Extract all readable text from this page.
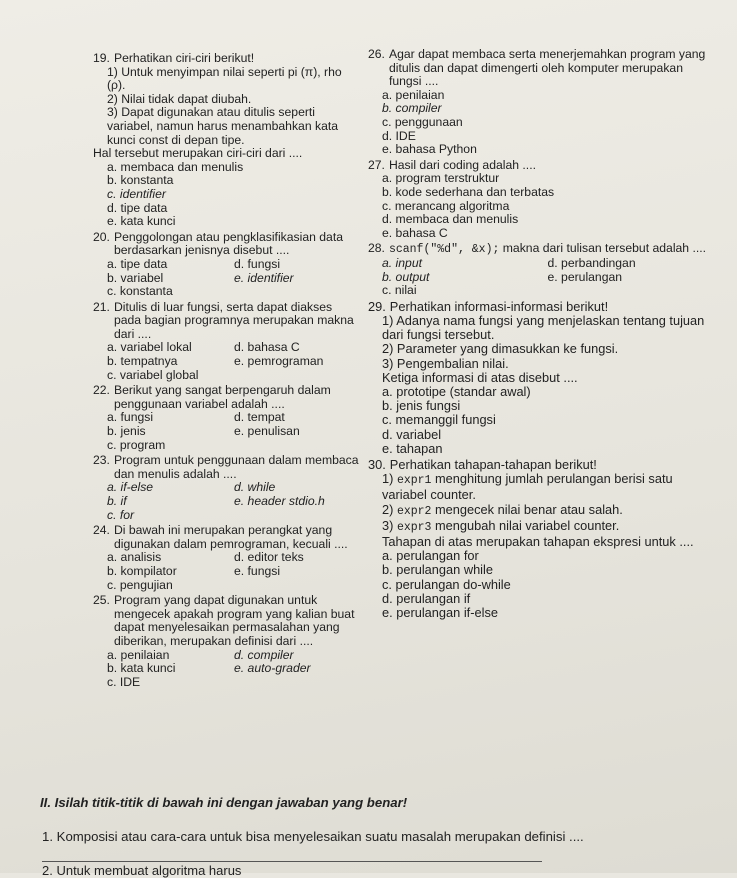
19. Perhatikan ciri-ciri berikut!
1) Untuk menyimpan nilai seperti pi (π), rho (ρ).
2) Nilai tidak dapat diubah.
3) Dapat digunakan atau ditulis seperti variabel, namun harus menambahkan kata kunci const di depan tipe.
Hal tersebut merupakan ciri-ciri dari ....
a. membaca dan menulis
b. konstanta
c. identifier
d. tipe data
e. kata kunci
20. Penggolongan atau pengklasifikasian data berdasarkan jenisnya disebut ....
a. tipe data	d. fungsi
b. variabel	e. identifier
c. konstanta
21. Ditulis di luar fungsi, serta dapat diakses pada bagian programnya merupakan makna dari ....
a. variabel lokal	d. bahasa C
b. tempatnya	e. pemrograman
c. variabel global
22. Berikut yang sangat berpengaruh dalam penggunaan variabel adalah ....
a. fungsi	d. tempat
b. jenis	e. penulisan
c. program
23. Program untuk penggunaan dalam membaca dan menulis adalah ....
a. if-else	d. while
b. if	e. header stdio.h
c. for
24. Di bawah ini merupakan perangkat yang digunakan dalam pemrograman, kecuali ....
a. analisis	d. editor teks
b. kompilator	e. fungsi
c. pengujian
25. Program yang dapat digunakan untuk mengecek apakah program yang kalian buat dapat menyelesaikan permasalahan yang diberikan, merupakan definisi dari ....
a. penilaian	d. compiler
b. kata kunci	e. auto-grader
c. IDE
26. Agar dapat membaca serta menerjemahkan program yang ditulis dan dapat dimengerti oleh komputer merupakan fungsi ....
a. penilaian
b. compiler
c. penggunaan
d. IDE
e. bahasa Python
27. Hasil dari coding adalah ....
a. program terstruktur
b. kode sederhana dan terbatas
c. merancang algoritma
d. membaca dan menulis
e. bahasa C
28. scanf("%d", &x); makna dari tulisan tersebut adalah ....
a. input	d. perbandingan
b. output	e. perulangan
c. nilai
29. Perhatikan informasi-informasi berikut!
1) Adanya nama fungsi yang menjelaskan tentang tujuan dari fungsi tersebut.
2) Parameter yang dimasukkan ke fungsi.
3) Pengembalian nilai.
Ketiga informasi di atas disebut ....
a. prototipe (standar awal)
b. jenis fungsi
c. memanggil fungsi
d. variabel
e. tahapan
30. Perhatikan tahapan-tahapan berikut!
1) expr1 menghitung jumlah perulangan berisi satu variabel counter.
2) expr2 mengecek nilai benar atau salah.
3) expr3 mengubah nilai variabel counter.
Tahapan di atas merupakan tahapan ekspresi untuk ....
a. perulangan for
b. perulangan while
c. perulangan do-while
d. perulangan if
e. perulangan if-else
II. Isilah titik-titik di bawah ini dengan jawaban yang benar!
1. Komposisi atau cara-cara untuk bisa menyelesaikan suatu masalah merupakan definisi ....
2. Untuk membuat algoritma harus
